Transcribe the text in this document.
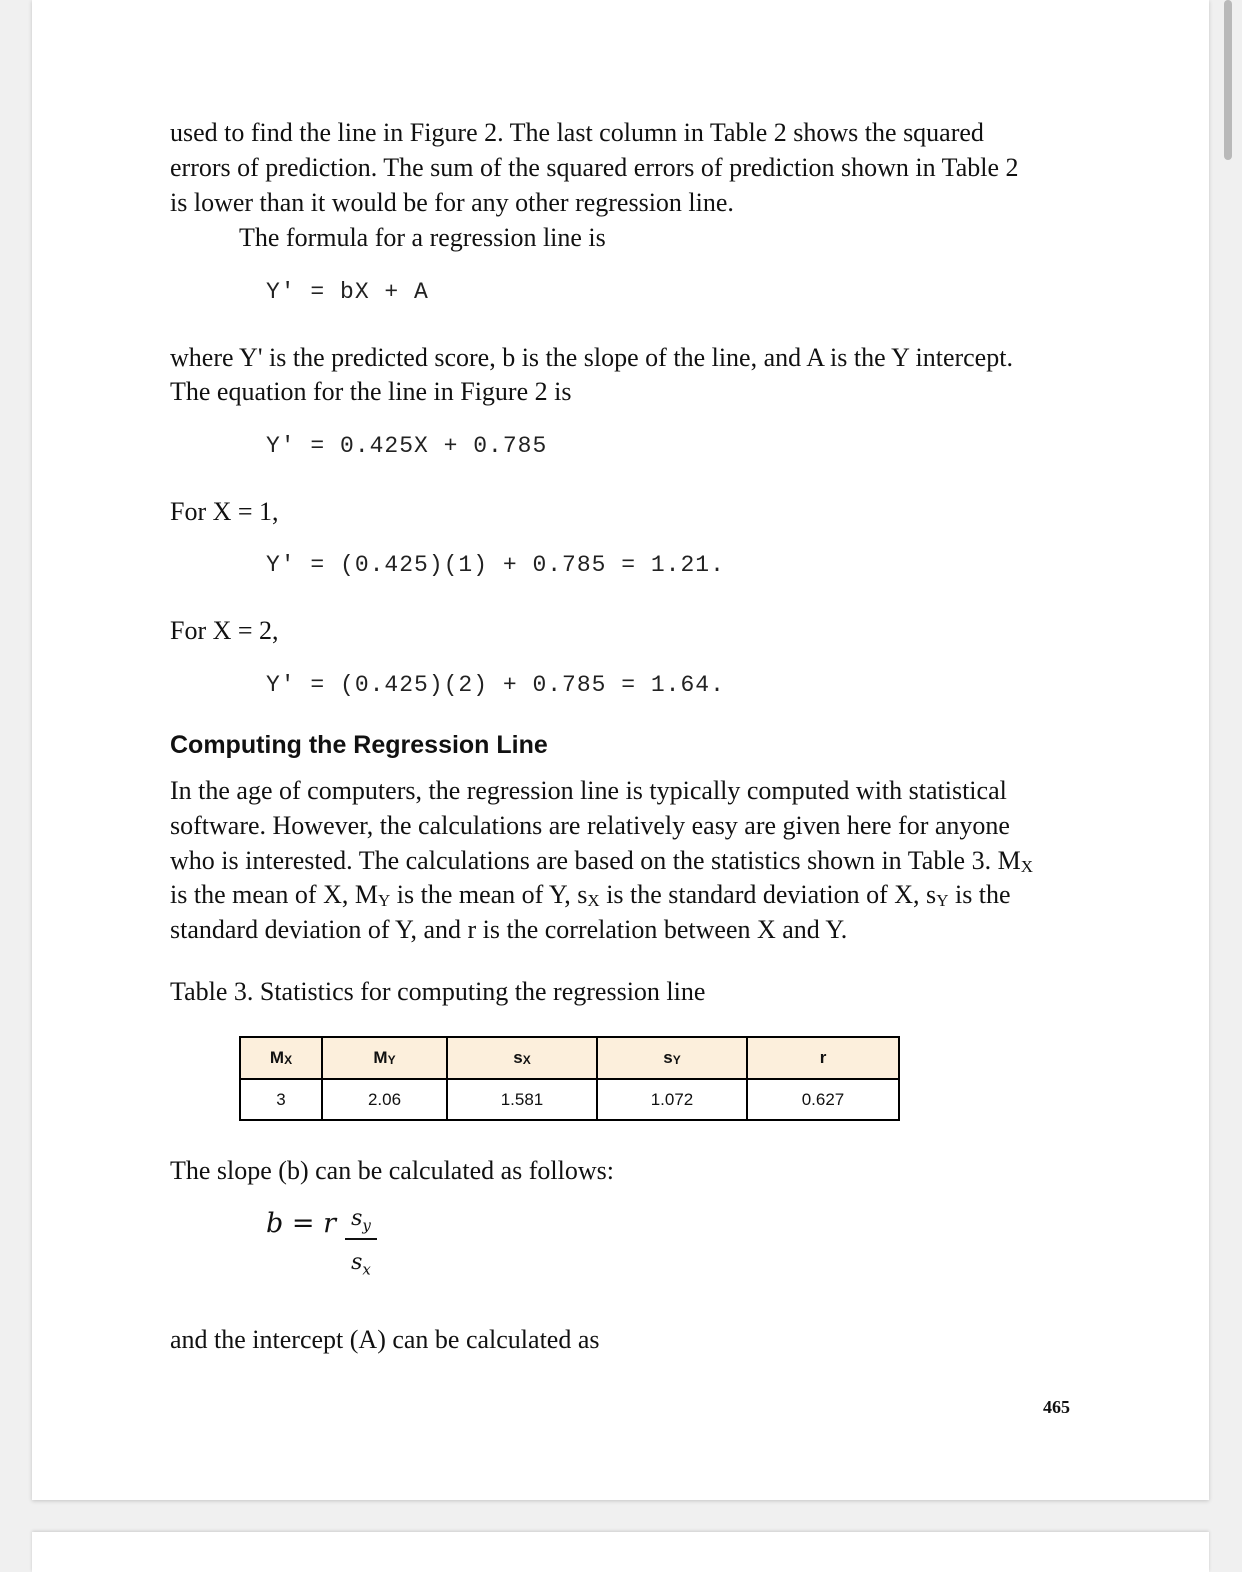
used to find the line in Figure 2. The last column in Table 2 shows the squared

errors of prediction. The sum of the squared errors of prediction shown in Table 2

is lower than it would be for any other regression line.

The formula for a regression line is

Y' = bX + A

where Y' is the predicted score, b is the slope of the line, and A is the Y intercept.

The equation for the line in Figure 2 is

Y' = 0.425X + 0.785

For X = 1,

Y' = (0.425)(1) + 0.785 = 1.21.

For X = 2,

Y' = (0.425)(2) + 0.785 = 1.64.
Computing the Regression Line

In the age of computers, the regression line is typically computed with statistical

software. However, the calculations are relatively easy are given here for anyone

who is interested. The calculations are based on the statistics shown in Table 3. $M_X$

is the mean of X, $M_Y$ is the mean of Y, $s_X$ is the standard deviation of X, $s_Y$ is the

standard deviation of Y, and r is the correlation between X and Y.

Table 3. Statistics for computing the regression line

$M_X$	$M_Y$	$s_X$	$s_Y$	r
3	2.06	1.581	1.072	0.627

The slope (b) can be calculated as follows:

b = r $s_y$
$s_x$

and the intercept (A) can be calculated as

465
